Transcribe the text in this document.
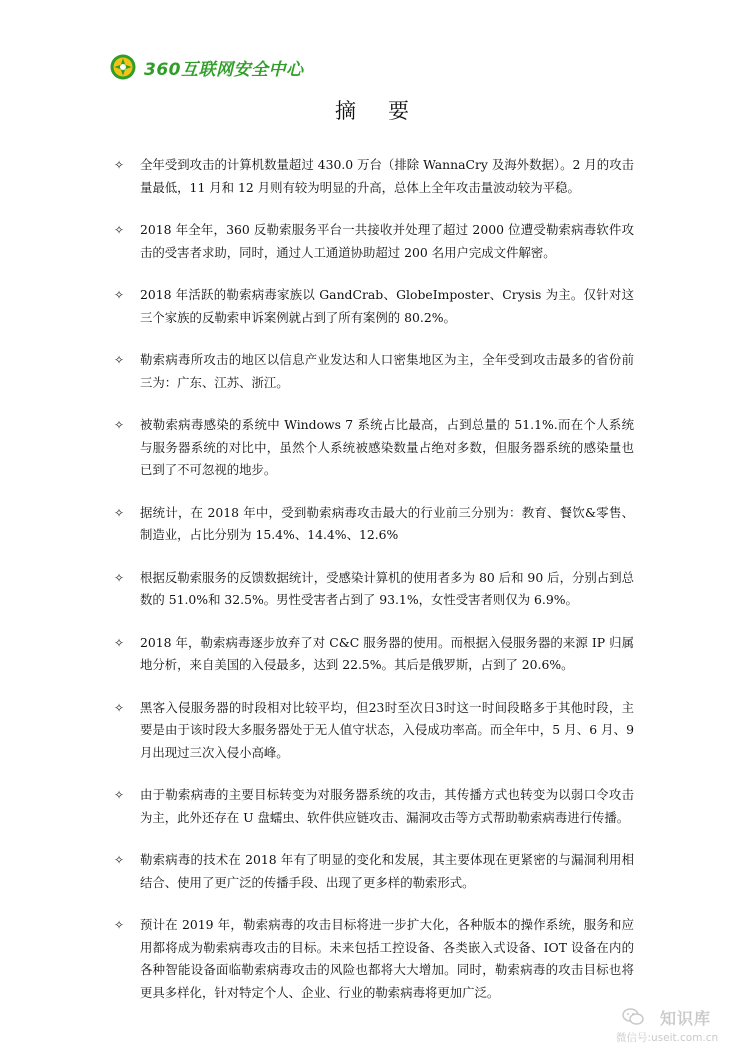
360互联网安全中心
摘要
✧	全年受到攻击的计算机数量超过 430.0 万台（排除 WannaCry 及海外数据）。2 月的攻击量最低，11 月和 12 月则有较为明显的升高，总体上全年攻击量波动较为平稳。
✧	2018 年全年，360 反勒索服务平台一共接收并处理了超过 2000 位遭受勒索病毒软件攻击的受害者求助，同时，通过人工通道协助超过 200 名用户完成文件解密。
✧	2018 年活跃的勒索病毒家族以 GandCrab、GlobeImposter、Crysis 为主。仅针对这三个家族的反勒索申诉案例就占到了所有案例的 80.2%。
✧	勒索病毒所攻击的地区以信息产业发达和人口密集地区为主，全年受到攻击最多的省份前三为：广东、江苏、浙江。
✧	被勒索病毒感染的系统中 Windows 7 系统占比最高，占到总量的 51.1%.而在个人系统与服务器系统的对比中，虽然个人系统被感染数量占绝对多数，但服务器系统的感染量也已到了不可忽视的地步。
✧	据统计，在 2018 年中，受到勒索病毒攻击最大的行业前三分别为：教育、餐饮&零售、制造业，占比分别为 15.4%、14.4%、12.6%
✧	根据反勒索服务的反馈数据统计，受感染计算机的使用者多为 80 后和 90 后，分别占到总数的 51.0%和 32.5%。男性受害者占到了 93.1%，女性受害者则仅为 6.9%。
✧	2018 年，勒索病毒逐步放弃了对 C&C 服务器的使用。而根据入侵服务器的来源 IP 归属地分析，来自美国的入侵最多，达到 22.5%。其后是俄罗斯，占到了 20.6%。
✧	黑客入侵服务器的时段相对比较平均，但23时至次日3时这一时间段略多于其他时段，主要是由于该时段大多服务器处于无人值守状态，入侵成功率高。而全年中，5 月、6 月、9 月出现过三次入侵小高峰。
✧	由于勒索病毒的主要目标转变为对服务器系统的攻击，其传播方式也转变为以弱口令攻击为主，此外还存在 U 盘蠕虫、软件供应链攻击、漏洞攻击等方式帮助勒索病毒进行传播。
✧	勒索病毒的技术在 2018 年有了明显的变化和发展，其主要体现在更紧密的与漏洞利用相结合、使用了更广泛的传播手段、出现了更多样的勒索形式。
✧	预计在 2019 年，勒索病毒的攻击目标将进一步扩大化，各种版本的操作系统，服务和应用都将成为勒索病毒攻击的目标。未来包括工控设备、各类嵌入式设备、IOT 设备在内的各种智能设备面临勒索病毒攻击的风险也都将大大增加。同时，勒索病毒的攻击目标也将更具多样化，针对特定个人、企业、行业的勒索病毒将更加广泛。
知识库
微信号:useit.com.cn
